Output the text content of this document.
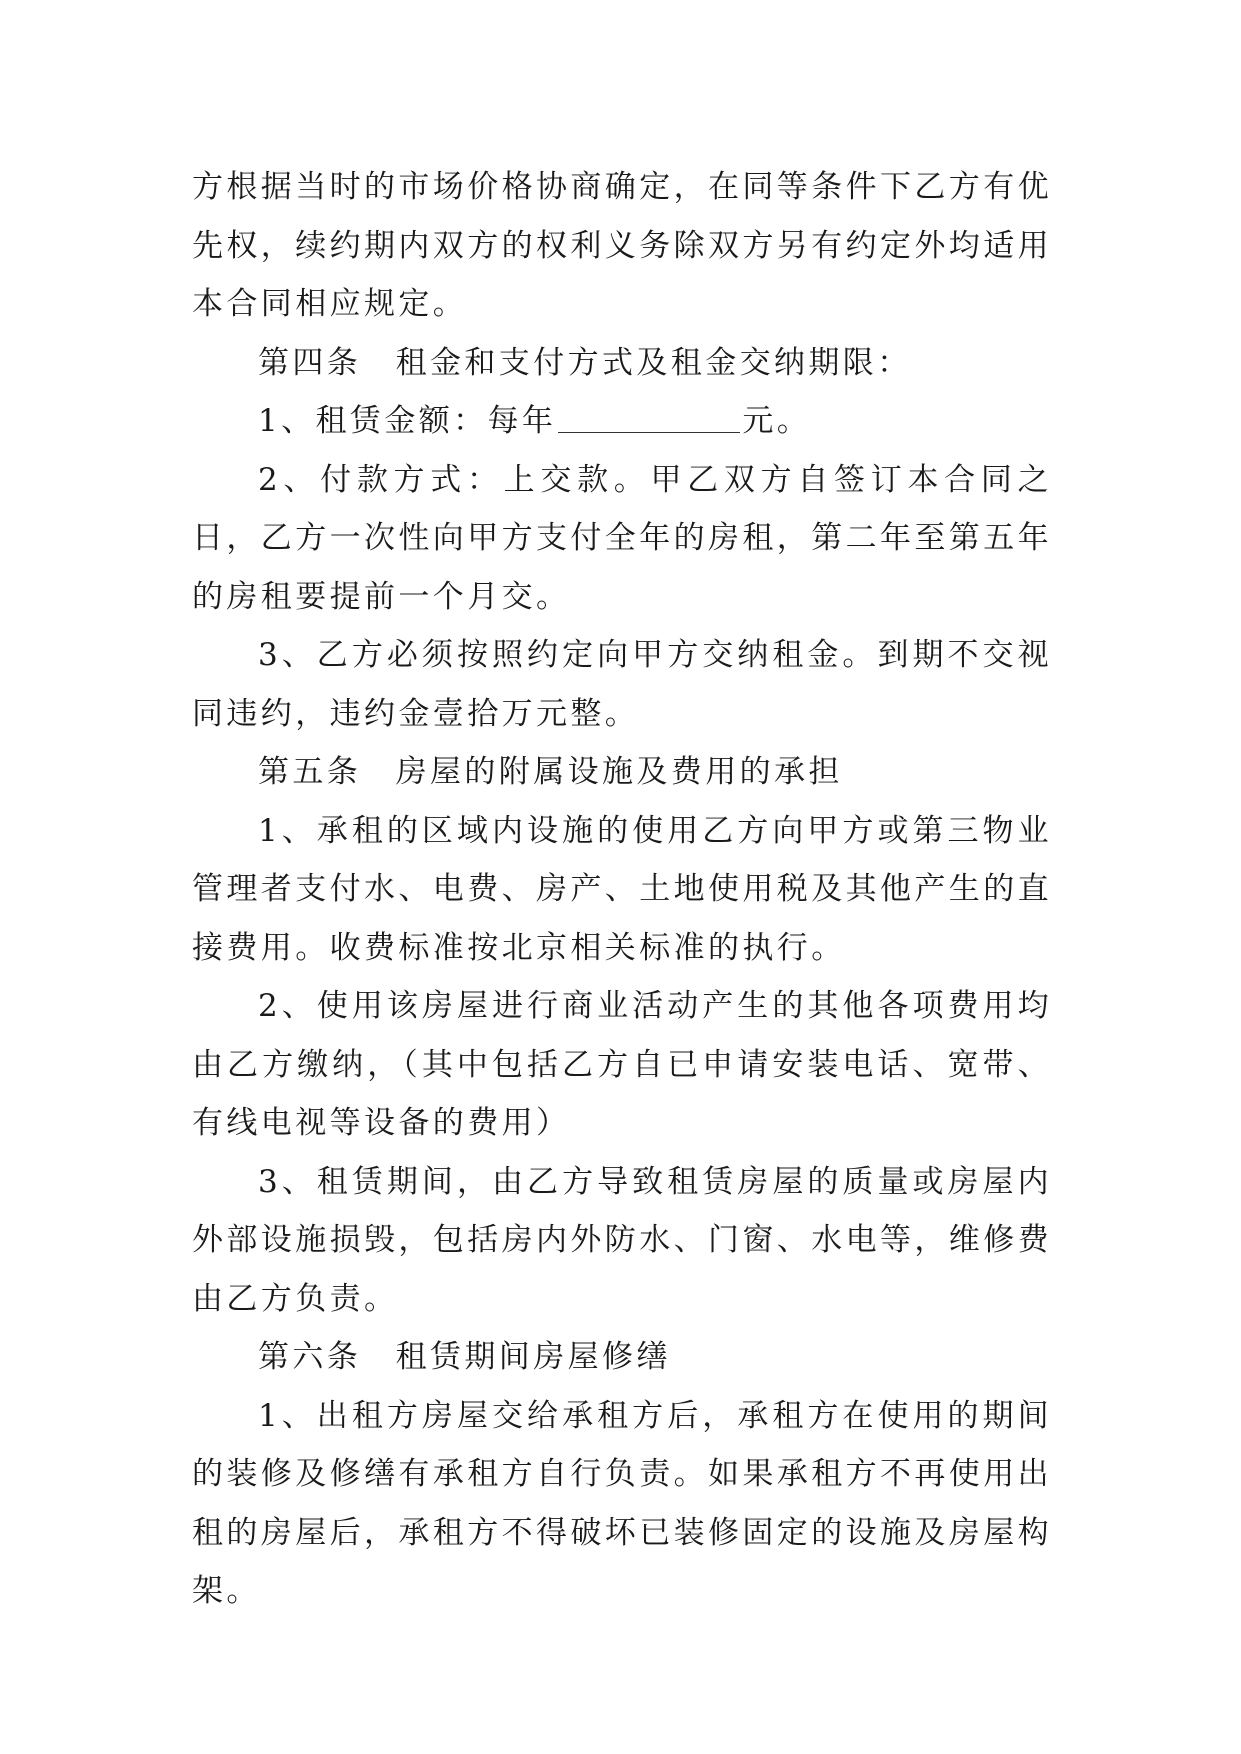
方根据当时的市场价格协商确定，在同等条件下乙方有优先权，续约期内双方的权利义务除双方另有约定外均适用本合同相应规定。

第四条　租金和支付方式及租金交纳期限：

1、租赁金额：每年	元。

2、付款方式：上交款。甲乙双方自签订本合同之日，乙方一次性向甲方支付全年的房租，第二年至第五年的房租要提前一个月交。

3、乙方必须按照约定向甲方交纳租金。到期不交视同违约，违约金壹拾万元整。

第五条　房屋的附属设施及费用的承担

1、承租的区域内设施的使用乙方向甲方或第三物业管理者支付水、电费、房产、土地使用税及其他产生的直接费用。收费标准按北京相关标准的执行。

2、使用该房屋进行商业活动产生的其他各项费用均由乙方缴纳，（其中包括乙方自已申请安装电话、宽带、有线电视等设备的费用）

3、租赁期间，由乙方导致租赁房屋的质量或房屋内外部设施损毁，包括房内外防水、门窗、水电等，维修费由乙方负责。

第六条　租赁期间房屋修缮

1、出租方房屋交给承租方后，承租方在使用的期间的装修及修缮有承租方自行负责。如果承租方不再使用出租的房屋后，承租方不得破坏已装修固定的设施及房屋构架。
